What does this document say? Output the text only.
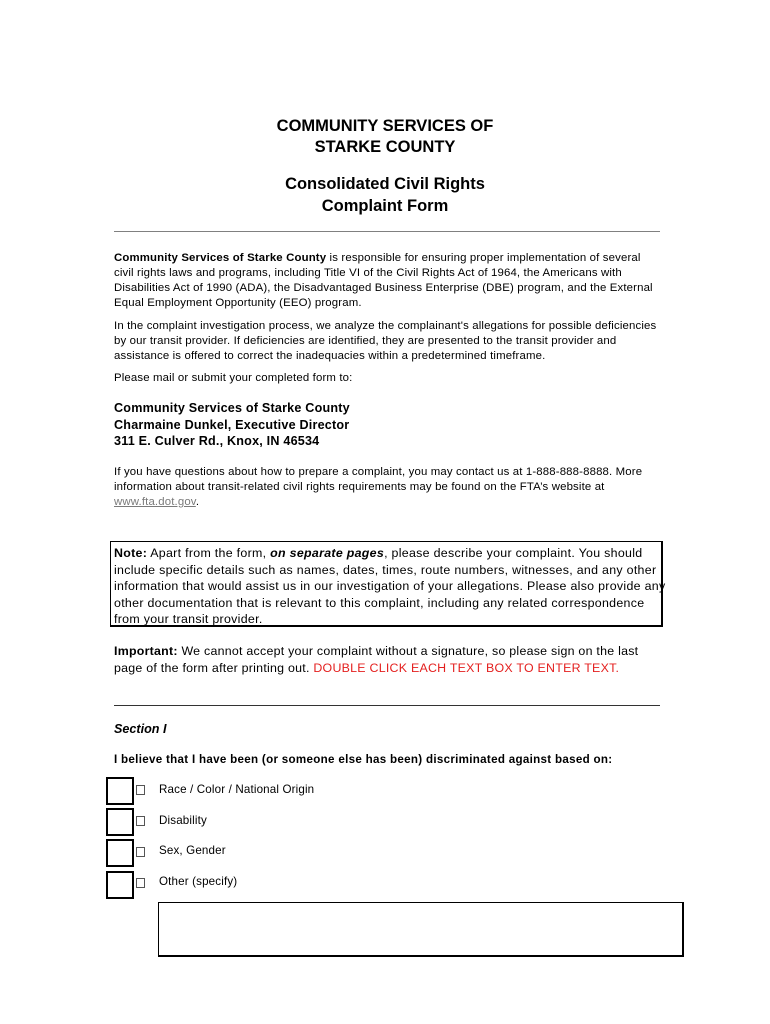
COMMUNITY SERVICES OF
STARKE COUNTY
Consolidated Civil Rights
Complaint Form
Community Services of Starke County is responsible for ensuring proper implementation of several civil rights laws and programs, including Title VI of the Civil Rights Act of 1964, the Americans with Disabilities Act of 1990 (ADA), the Disadvantaged Business Enterprise (DBE) program, and the External Equal Employment Opportunity (EEO) program.
In the complaint investigation process, we analyze the complainant's allegations for possible deficiencies by our transit provider. If deficiencies are identified, they are presented to the transit provider and assistance is offered to correct the inadequacies within a predetermined timeframe.
Please mail or submit your completed form to:
Community Services of Starke County
Charmaine Dunkel, Executive Director
311 E. Culver Rd., Knox, IN 46534
If you have questions about how to prepare a complaint, you may contact us at 1-888-888-8888. More information about transit-related civil rights requirements may be found on the FTA’s website at www.fta.dot.gov.
Note: Apart from the form, on separate pages, please describe your complaint. You should include specific details such as names, dates, times, route numbers, witnesses, and any other information that would assist us in our investigation of your allegations. Please also provide any other documentation that is relevant to this complaint, including any related correspondence from your transit provider.
Important: We cannot accept your complaint without a signature, so please sign on the last page of the form after printing out. DOUBLE CLICK EACH TEXT BOX TO ENTER TEXT.
Section I
I believe that I have been (or someone else has been) discriminated against based on:
Race / Color / National Origin
Disability
Sex, Gender
Other (specify)
